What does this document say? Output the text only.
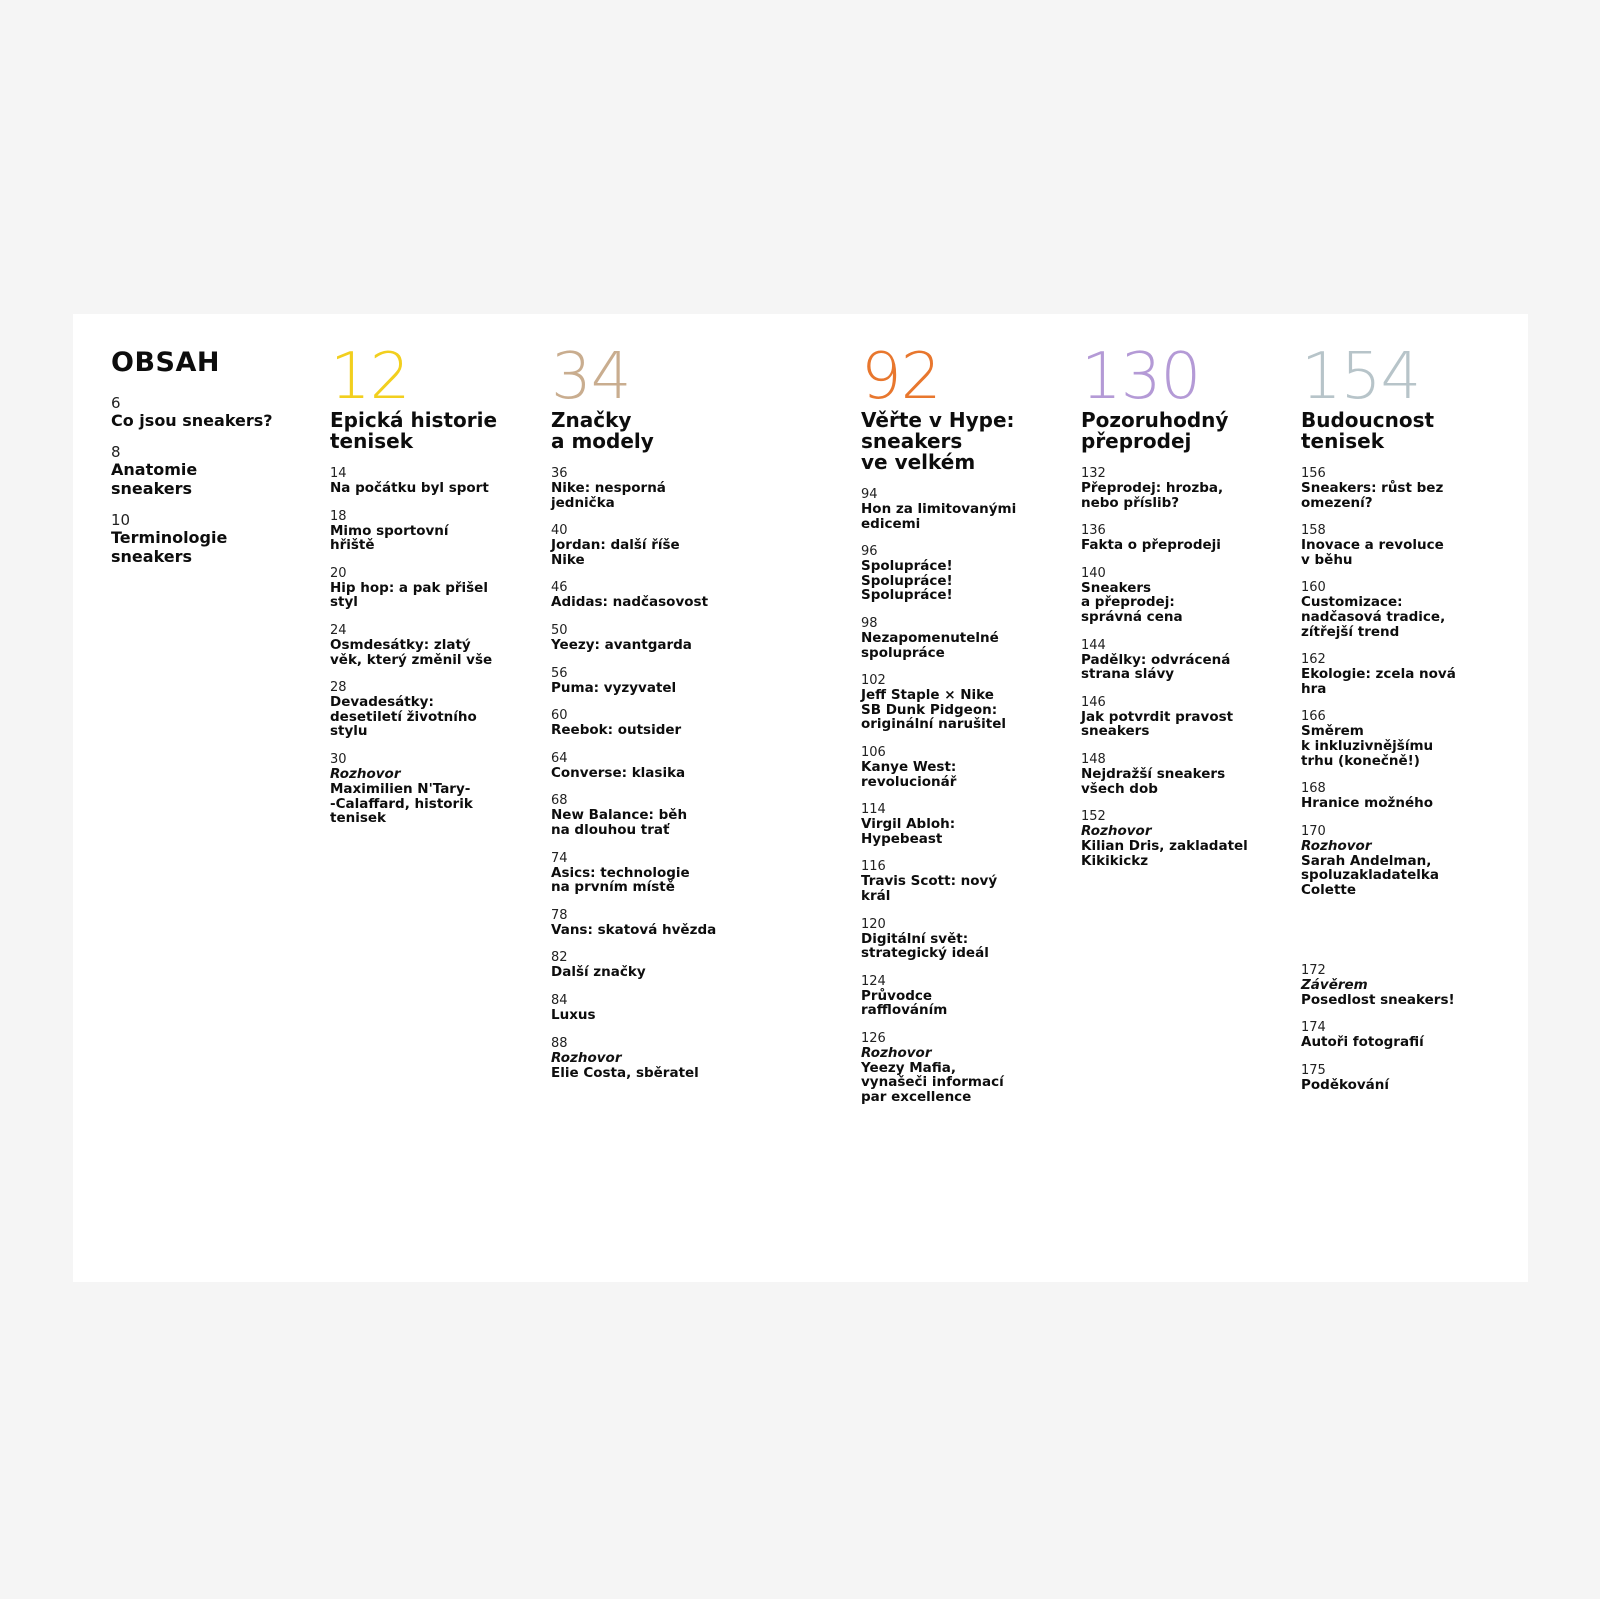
OBSAH
6
Co jsou sneakers?
8
Anatomie sneakers
10
Terminologie sneakers
12
Epická historie
tenisek
14
Na počátku byl sport
18
Mimo sportovní
hřiště
20
Hip hop: a pak přišel
styl
24
Osmdesátky: zlatý
věk, který změnil vše
28
Devadesátky:
desetiletí životního
stylu
30
Rozhovor
Maximilien N'Tary-
-Calaffard, historik
tenisek
34
Značky
a modely
36
Nike: nesporná
jednička
40
Jordan: další říše
Nike
46
Adidas: nadčasovost
50
Yeezy: avantgarda
56
Puma: vyzyvatel
60
Reebok: outsider
64
Converse: klasika
68
New Balance: běh
na dlouhou trať
74
Asics: technologie
na prvním místě
78
Vans: skatová hvězda
82
Další značky
84
Luxus
88
Rozhovor
Elie Costa, sběratel
92
Věřte v Hype:
sneakers
ve velkém
94
Hon za limitovanými
edicemi
96
Spolupráce!
Spolupráce!
Spolupráce!
98
Nezapomenutelné
spolupráce
102
Jeff Staple × Nike
SB Dunk Pidgeon:
originální narušitel
106
Kanye West:
revolucionář
114
Virgil Abloh:
Hypebeast
116
Travis Scott: nový
král
120
Digitální svět:
strategický ideál
124
Průvodce
rafflováním
126
Rozhovor
Yeezy Mafia,
vynašeči informací
par excellence
130
Pozoruhodný
přeprodej
132
Přeprodej: hrozba,
nebo příslib?
136
Fakta o přeprodeji
140
Sneakers
a přeprodej:
správná cena
144
Padělky: odvrácená
strana slávy
146
Jak potvrdit pravost
sneakers
148
Nejdražší sneakers
všech dob
152
Rozhovor
Kilian Dris, zakladatel
Kikikickz
154
Budoucnost
tenisek
156
Sneakers: růst bez
omezení?
158
Inovace a revoluce
v běhu
160
Customizace:
nadčasová tradice,
zítřejší trend
162
Ekologie: zcela nová
hra
166
Směrem
k inkluzivnějšímu
trhu (konečně!)
168
Hranice možného
170
Rozhovor
Sarah Andelman,
spoluzakladatelka
Colette
172
Závěrem
Posedlost sneakers!
174
Autoři fotografií
175
Poděkování
